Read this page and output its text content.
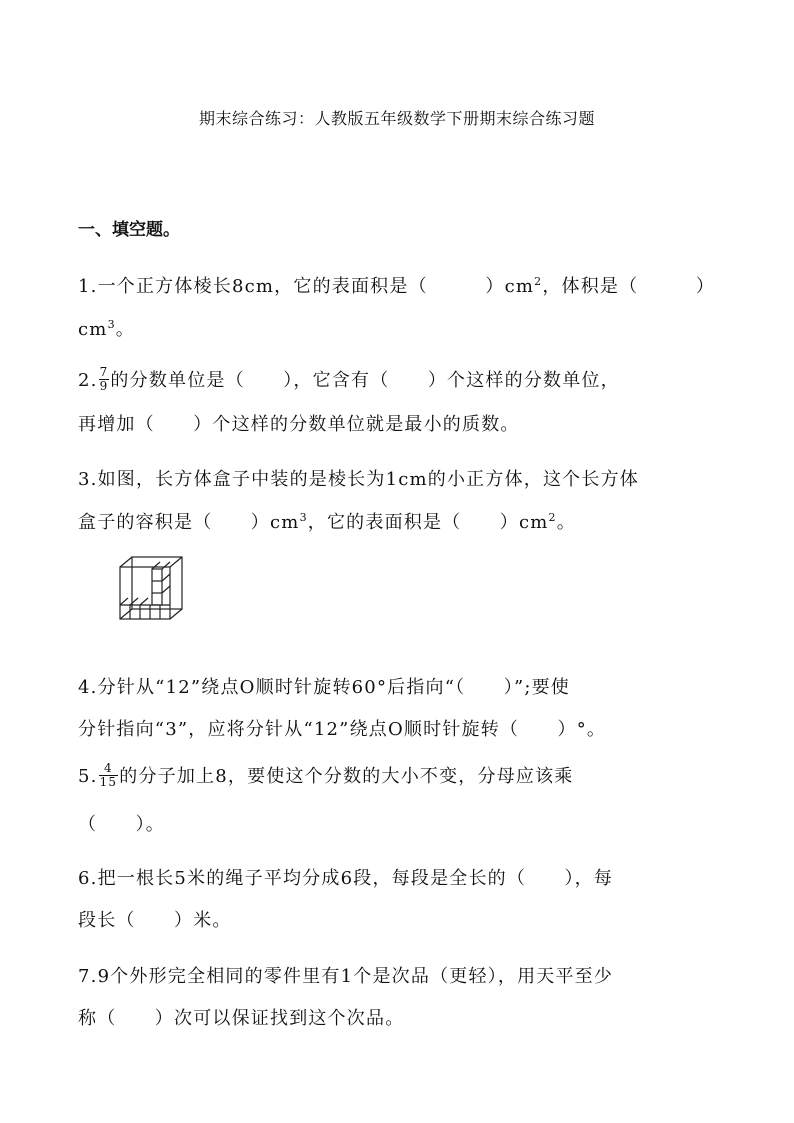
期末综合练习：人教版五年级数学下册期末综合练习题
一、填空题。
1.一个正方体棱长8cm，它的表面积是（　　　）$cm^2$，体积是（　　　）
$cm^3$。
2. $\frac{7}{9}$ 的分数单位是（　　），它含有（　　）个这样的分数单位，
再增加（　　）个这样的分数单位就是最小的质数。
3.如图，长方体盒子中装的是棱长为1cm的小正方体，这个长方体
盒子的容积是（　　）$cm^3$，它的表面积是（　　）$cm^2$。
4.分针从“12”绕点O顺时针旋转60°后指向“（　　）”;要使
分针指向“3”，应将分针从“12”绕点O顺时针旋转（　　）°。
5. $\frac{4}{15}$ 的分子加上8，要使这个分数的大小不变，分母应该乘
（　　）。
6.把一根长5米的绳子平均分成6段，每段是全长的（　　），每
段长（　　）米。
7.9个外形完全相同的零件里有1个是次品（更轻），用天平至少
称（　　）次可以保证找到这个次品。
